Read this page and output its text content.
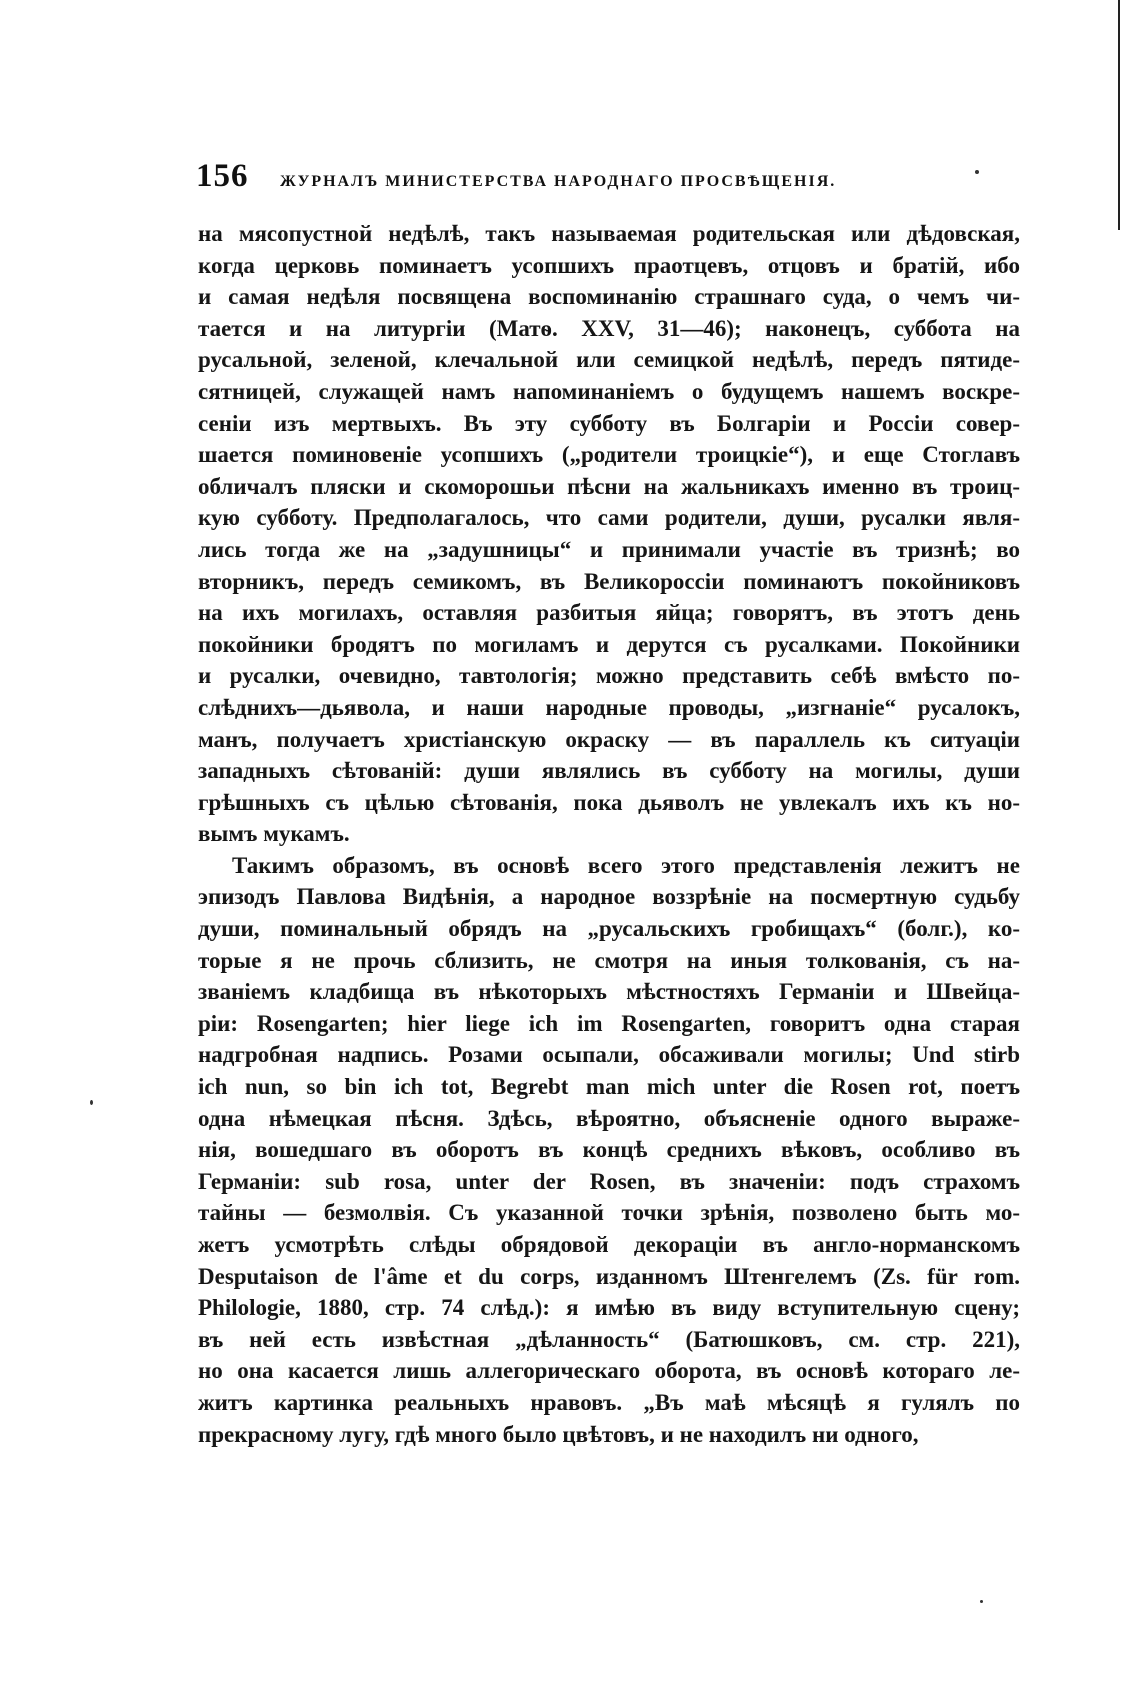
156	ЖУРНАЛЪ МИНИСТЕРСТВА НАРОДНАГО ПРОСВѢЩЕНІЯ.
на мясопустной недѣлѣ, такъ называемая родительская или дѣдовская,
когда церковь поминаетъ усопшихъ праотцевъ, отцовъ и братій, ибо
и самая недѣля посвящена воспоминанію страшнаго суда, о чемъ чи-
тается и на литургіи (Матѳ. XXV, 31—46); наконецъ, суббота на
русальной, зеленой, клечальной или семицкой недѣлѣ, передъ пятиде-
сятницей, служащей намъ напоминаніемъ о будущемъ нашемъ воскре-
сеніи изъ мертвыхъ. Въ эту субботу въ Болгаріи и Россіи совер-
шается поминовеніе усопшихъ („родители троицкіе“), и еще Стоглавъ
обличалъ пляски и скоморошьи пѣсни на жальникахъ именно въ троиц-
кую субботу. Предполагалось, что сами родители, души, русалки явля-
лись тогда же на „задушницы“ и принимали участіе въ тризнѣ; во
вторникъ, передъ семикомъ, въ Великороссіи поминаютъ покойниковъ
на ихъ могилахъ, оставляя разбитыя яйца; говорятъ, въ этотъ день
покойники бродятъ по могиламъ и дерутся съ русалками. Покойники
и русалки, очевидно, тавтологія; можно представить себѣ вмѣсто по-
слѣднихъ—дьявола, и наши народные проводы, „изгнаніе“ русалокъ,
манъ, получаетъ христіанскую окраску — въ параллель къ ситуаціи
западныхъ сѣтованій: души являлись въ субботу на могилы, души
грѣшныхъ съ цѣлью сѣтованія, пока дьяволъ не увлекалъ ихъ къ но-
вымъ мукамъ.
Такимъ образомъ, въ основѣ всего этого представленія лежитъ не
эпизодъ Павлова Видѣнія, а народное воззрѣніе на посмертную судьбу
души, поминальный обрядъ на „русальскихъ гробищахъ“ (болг.), ко-
торые я не прочь сблизить, не смотря на иныя толкованія, съ на-
званіемъ кладбища въ нѣкоторыхъ мѣстностяхъ Германіи и Швейца-
ріи: Rosengarten; hier liege ich im Rosengarten, говоритъ одна старая
надгробная надпись. Розами осыпали, обсаживали могилы; Und stirb
ich nun, so bin ich tot, Begrebt man mich unter die Rosen rot, поетъ
одна нѣмецкая пѣсня. Здѣсь, вѣроятно, объясненіе одного выраже-
нія, вошедшаго въ оборотъ въ концѣ среднихъ вѣковъ, особливо въ
Германіи: sub rosa, unter der Rosen, въ значеніи: подъ страхомъ
тайны — безмолвія. Съ указанной точки зрѣнія, позволено быть мо-
жетъ усмотрѣть слѣды обрядовой декораціи въ англо-норманскомъ
Desputaison de l'âme et du corps, изданномъ Штенгелемъ (Zs. für rom.
Philologie, 1880, стр. 74 слѣд.): я имѣю въ виду вступительную сцену;
въ ней есть извѣстная „дѣланность“ (Батюшковъ, см. стр. 221),
но она касается лишь аллегорическаго оборота, въ основѣ котораго ле-
житъ картинка реальныхъ нравовъ. „Въ маѣ мѣсяцѣ я гулялъ по
прекрасному лугу, гдѣ много было цвѣтовъ, и не находилъ ни одного,
